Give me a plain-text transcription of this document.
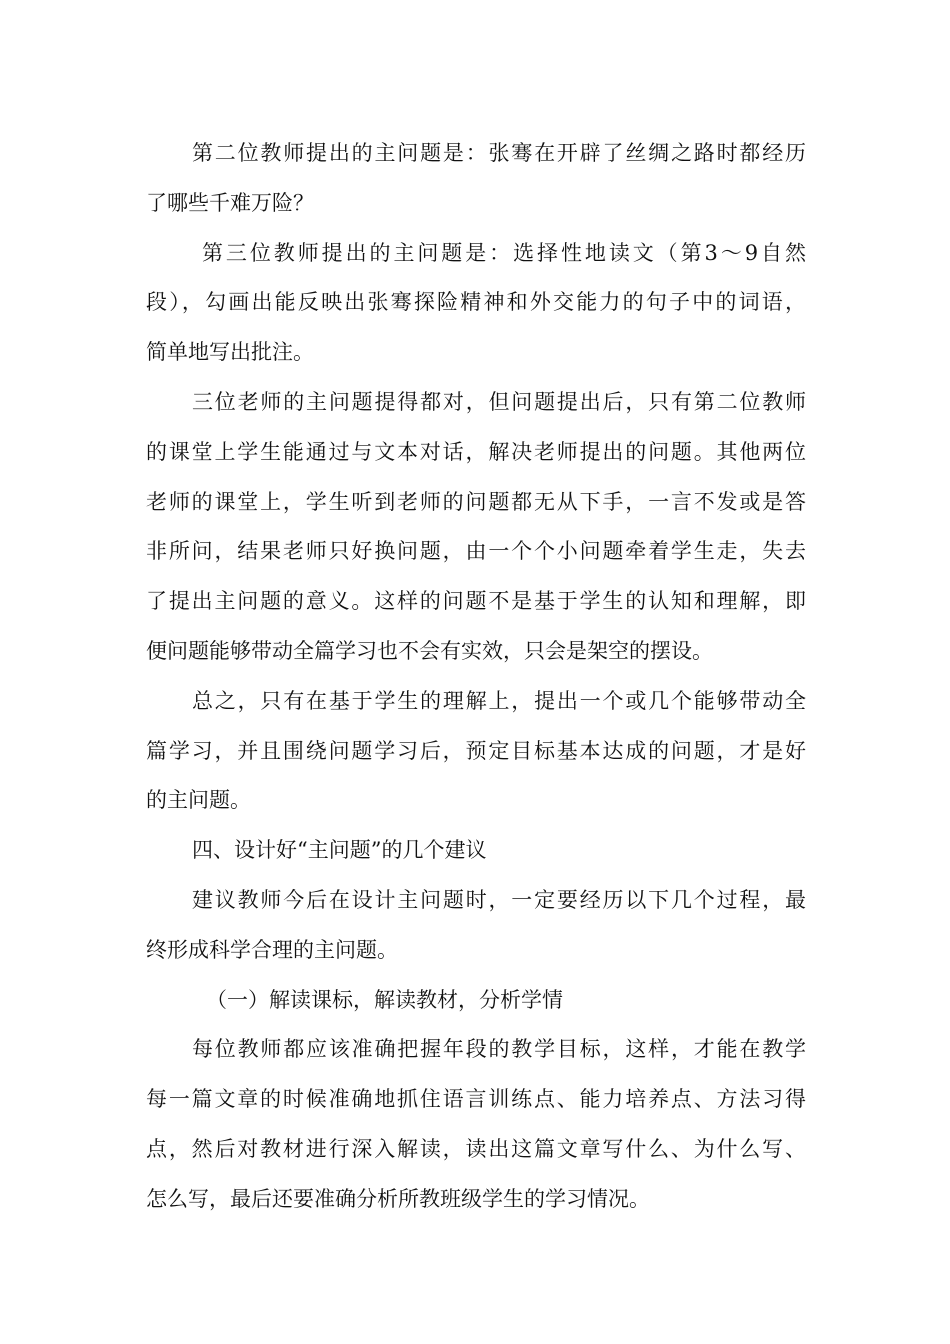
第二位教师提出的主问题是：张骞在开辟了丝绸之路时都经历
了哪些千难万险？
第三位教师提出的主问题是：选择性地读文（第3～9自然
段），勾画出能反映出张骞探险精神和外交能力的句子中的词语，
简单地写出批注。
三位老师的主问题提得都对，但问题提出后，只有第二位教师
的课堂上学生能通过与文本对话，解决老师提出的问题。其他两位
老师的课堂上，学生听到老师的问题都无从下手，一言不发或是答
非所问，结果老师只好换问题，由一个个小问题牵着学生走，失去
了提出主问题的意义。这样的问题不是基于学生的认知和理解，即
便问题能够带动全篇学习也不会有实效，只会是架空的摆设。
总之，只有在基于学生的理解上，提出一个或几个能够带动全
篇学习，并且围绕问题学习后，预定目标基本达成的问题，才是好
的主问题。
四、设计好“主问题”的几个建议
建议教师今后在设计主问题时，一定要经历以下几个过程，最
终形成科学合理的主问题。
（一）解读课标，解读教材，分析学情
每位教师都应该准确把握年段的教学目标，这样，才能在教学
每一篇文章的时候准确地抓住语言训练点、能力培养点、方法习得
点，然后对教材进行深入解读，读出这篇文章写什么、为什么写、
怎么写，最后还要准确分析所教班级学生的学习情况。
